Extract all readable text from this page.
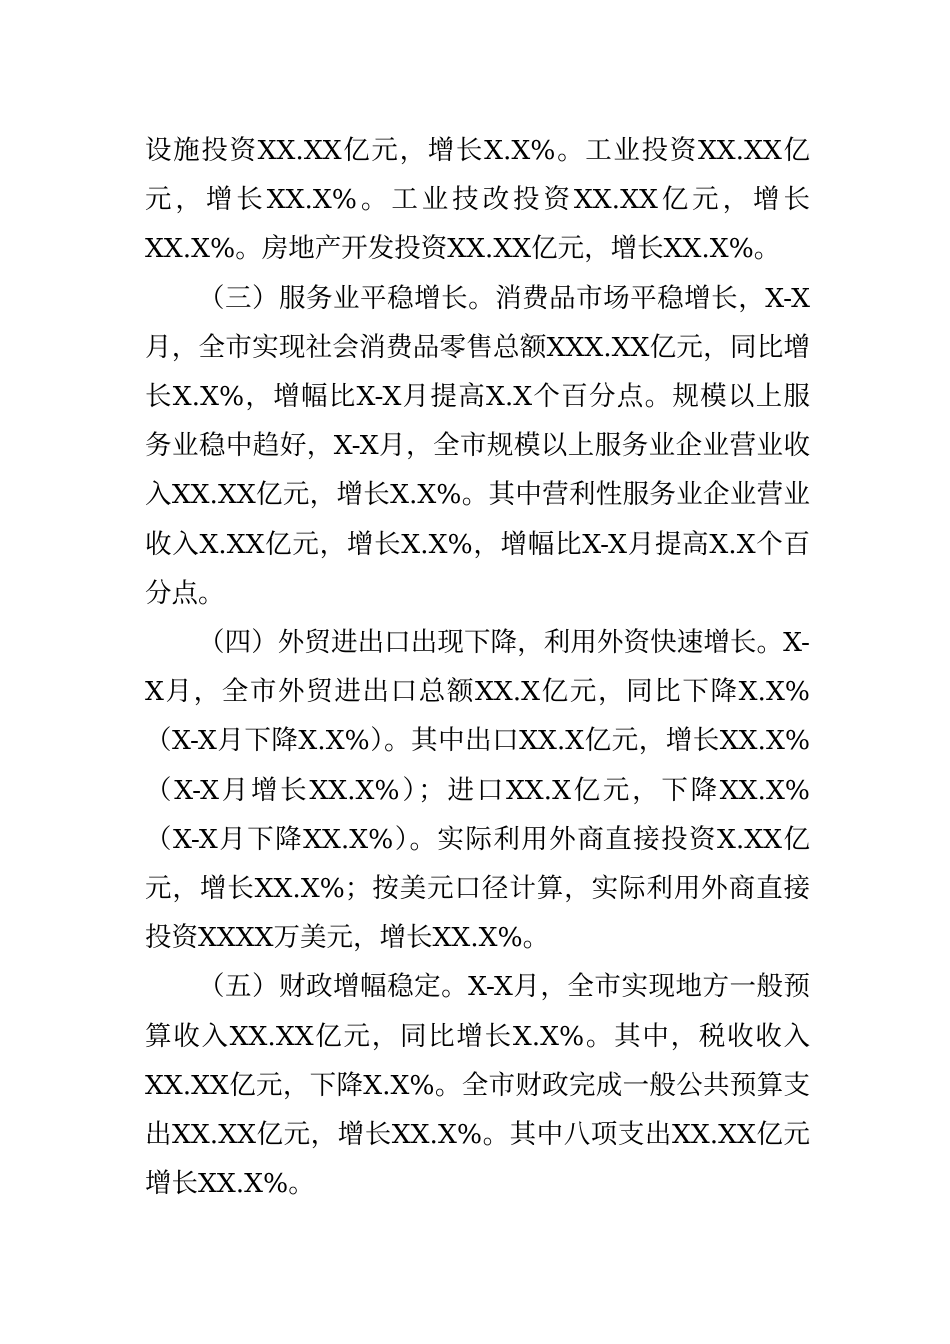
设施投资XX.XX亿元，增长X.X%。工业投资XX.XX亿元，增长XX.X%。工业技改投资XX.XX亿元，增长XX.X%。房地产开发投资XX.XX亿元，增长XX.X%。

（三）服务业平稳增长。消费品市场平稳增长，X-X月，全市实现社会消费品零售总额XXX.XX亿元，同比增长X.X%，增幅比X-X月提高X.X个百分点。规模以上服务业稳中趋好，X-X月，全市规模以上服务业企业营业收入XX.XX亿元，增长X.X%。其中营利性服务业企业营业收入X.XX亿元，增长X.X%，增幅比X-X月提高X.X个百分点。

（四）外贸进出口出现下降，利用外资快速增长。X-X月，全市外贸进出口总额XX.X亿元，同比下降X.X%（X-X月下降X.X%）。其中出口XX.X亿元，增长XX.X%（X-X月增长XX.X%）；进口XX.X亿元，下降XX.X%（X-X月下降XX.X%）。实际利用外商直接投资X.XX亿元，增长XX.X%；按美元口径计算，实际利用外商直接投资XXXX万美元，增长XX.X%。

（五）财政增幅稳定。X-X月，全市实现地方一般预算收入XX.XX亿元，同比增长X.X%。其中，税收收入XX.XX亿元，下降X.X%。全市财政完成一般公共预算支出XX.XX亿元，增长XX.X%。其中八项支出XX.XX亿元增长XX.X%。
